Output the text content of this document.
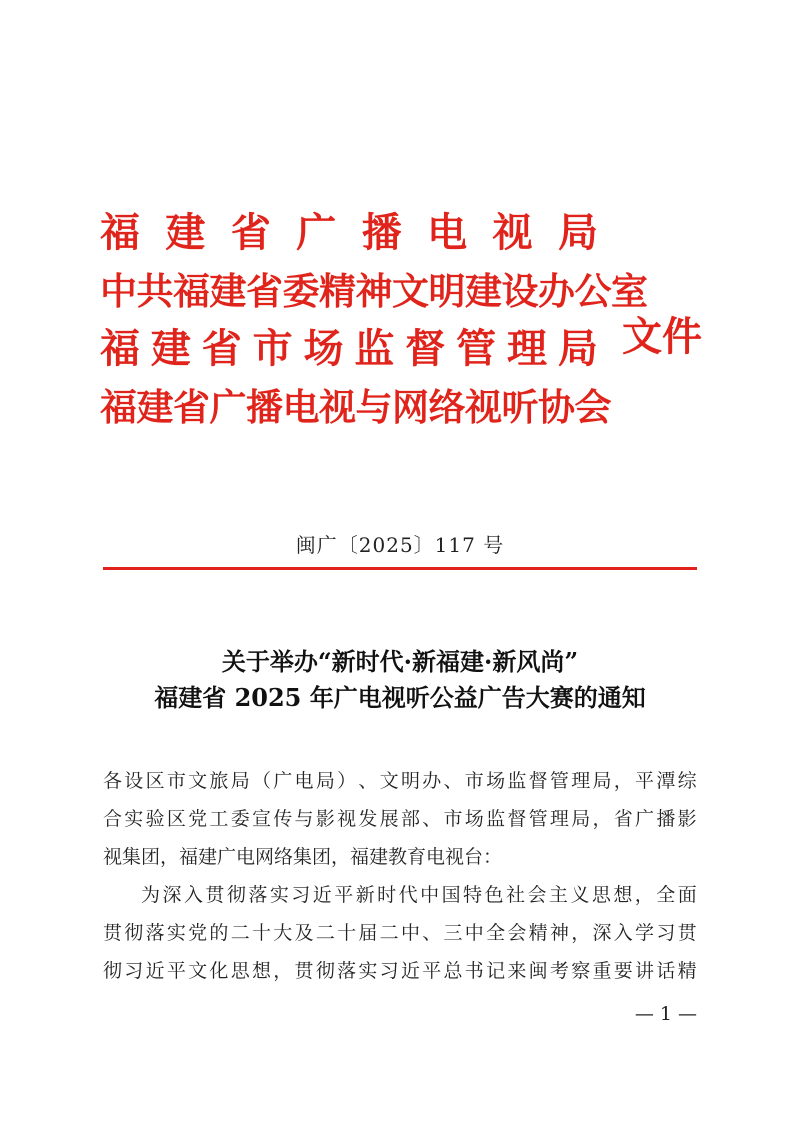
福 建 省 广 播 电 视 局
中共福建省委精神文明建设办公室
福 建 省 市 场 监 督 管 理 局
福建省广播电视与网络视听协会
文件
闽广〔2025〕117 号
关于举办“新时代·新福建·新风尚”
福建省 2025 年广电视听公益广告大赛的通知
各 设 区 市 文 旅 局 （ 广 电 局 ） 、 文 明 办 、 市 场 监 督 管 理 局 ， 平 潭 综
合 实 验 区 党 工 委 宣 传 与 影 视 发 展 部 、 市 场 监 督 管 理 局 ， 省 广 播 影
视集团，福建广电网络集团，福建教育电视台：
为 深 入 贯 彻 落 实 习 近 平 新 时 代 中 国 特 色 社 会 主 义 思 想 ， 全 面
贯 彻 落 实 党 的 二 十 大 及 二 十 届 二 中 、 三 中 全 会 精 神 ， 深 入 学 习 贯
彻 习 近 平 文 化 思 想 ， 贯 彻 落 实 习 近 平 总 书 记 来 闽 考 察 重 要 讲 话 精
— 1 —
